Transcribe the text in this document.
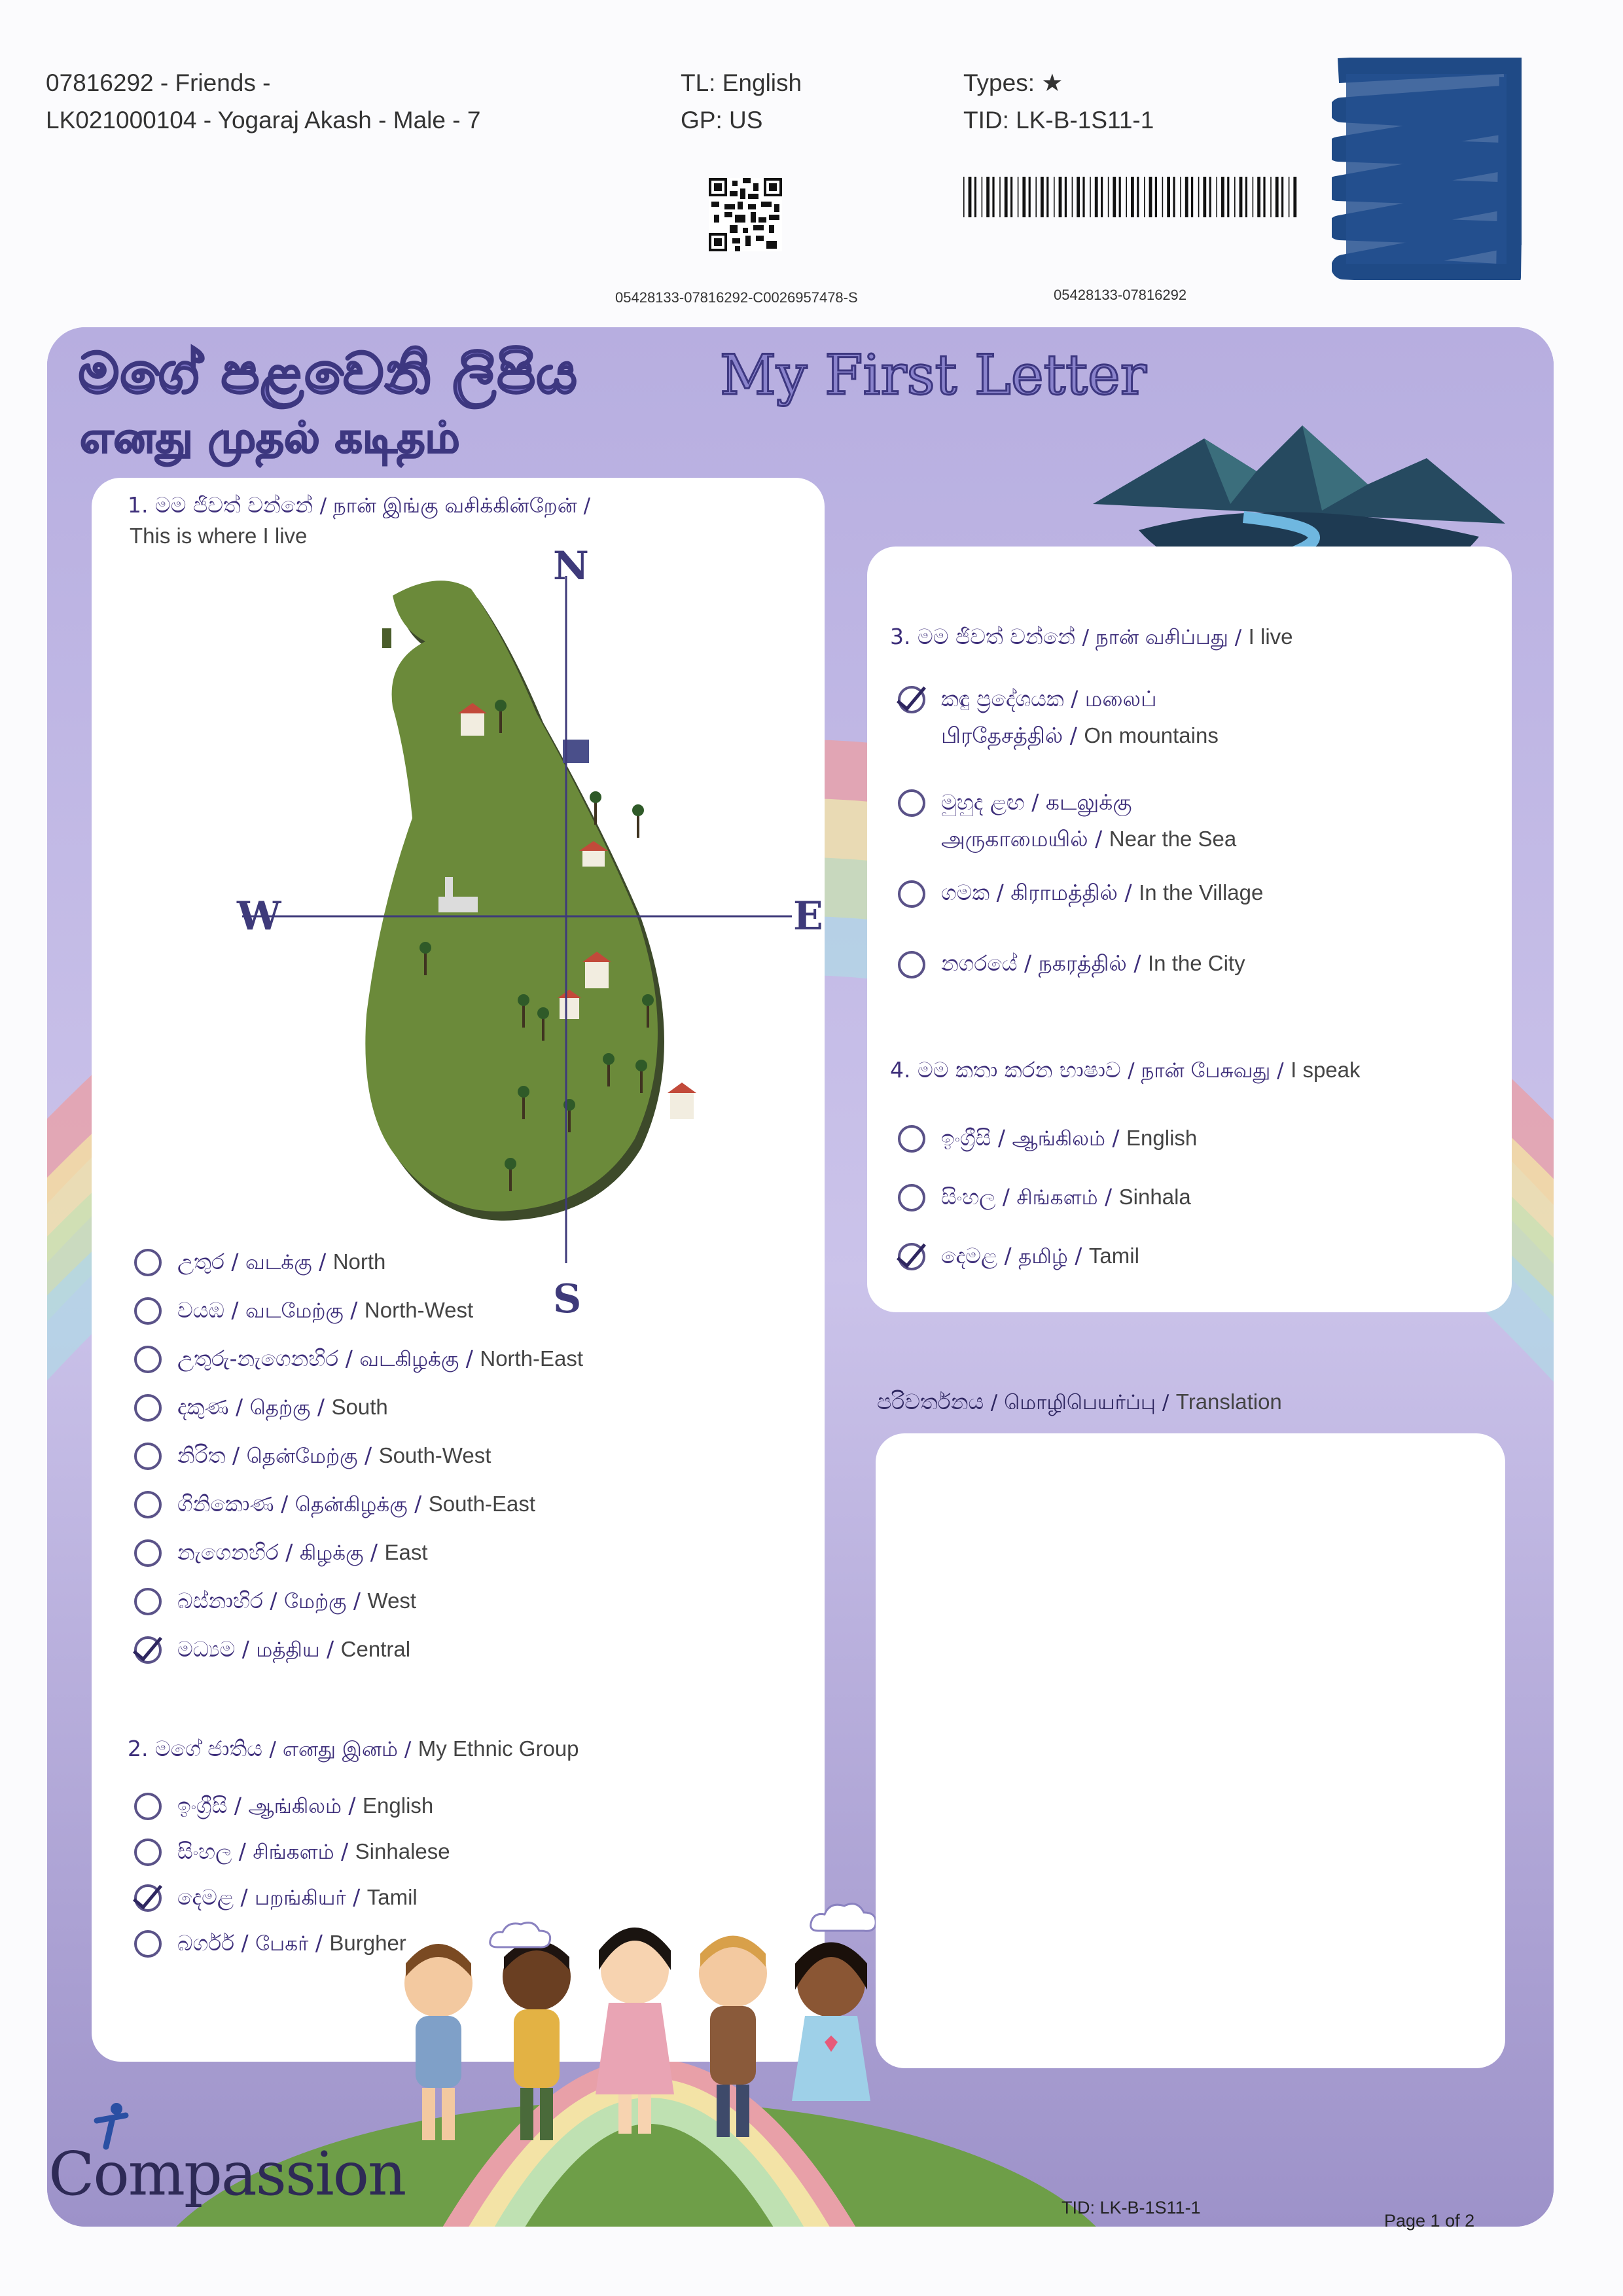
07816292 - Friends -
LK021000104 - Yogaraj Akash - Male - 7
TL: English
GP: US
Types: ★
TID: LK-B-1S11-1
05428133-07816292-C0026957478-S	05428133-07816292
මගේ පළවෙනි ලිපිය	My First Letter
எனது முதல் கடிதம்
1. මම ජිවත් වන්නේ / நான் இங்கு வசிக்கின்றேன் /
This is where I live
N
S
W	E
උතුර / வடக்கு / North
වයඹ / வடமேற்கு / North-West
උතුරු-නැගෙනහිර / வடகிழக்கு / North-East
දකුණ / தெற்கு / South
නිරිත / தென்மேற்கு / South-West
ගිනිකොණ / தென்கிழக்கு / South-East
නැගෙනහිර / கிழக்கு / East
බස්නාහිර / மேற்கு / West
මධ්‍යම / மத்திய / Central
2. මගේ ජාතිය / எனது இனம் / My Ethnic Group
ඉංග්‍රීසි / ஆங்கிலம் / English
සිංහල / சிங்களம் / Sinhalese
දෙමළ / பறங்கியர் / Tamil
බර්ගර් / பேகர் / Burgher
Compassion
3. මම ජිවත් වන්නේ / நான் வசிப்பது / I live
කඳු ප්‍රදේශයක / மலைப்
பிரதேசத்தில் / On mountains
මුහුද ළඟ / கடலுக்கு
அருகாமையில் / Near the Sea
ගමක / கிராமத்தில் / In the Village
නගරයේ / நகரத்தில் / In the City
4. මම කතා කරන භාෂාව / நான் பேசுவது / I speak
ඉංග්‍රීසි / ஆங்கிலம் / English
සිංහල / சிங்களம் / Sinhala
දෙමළ / தமிழ் / Tamil
පරිවර්තනය / மொழிபெயர்ப்பு / Translation
TID: LK-B-1S11-1
Page 1 of 2
